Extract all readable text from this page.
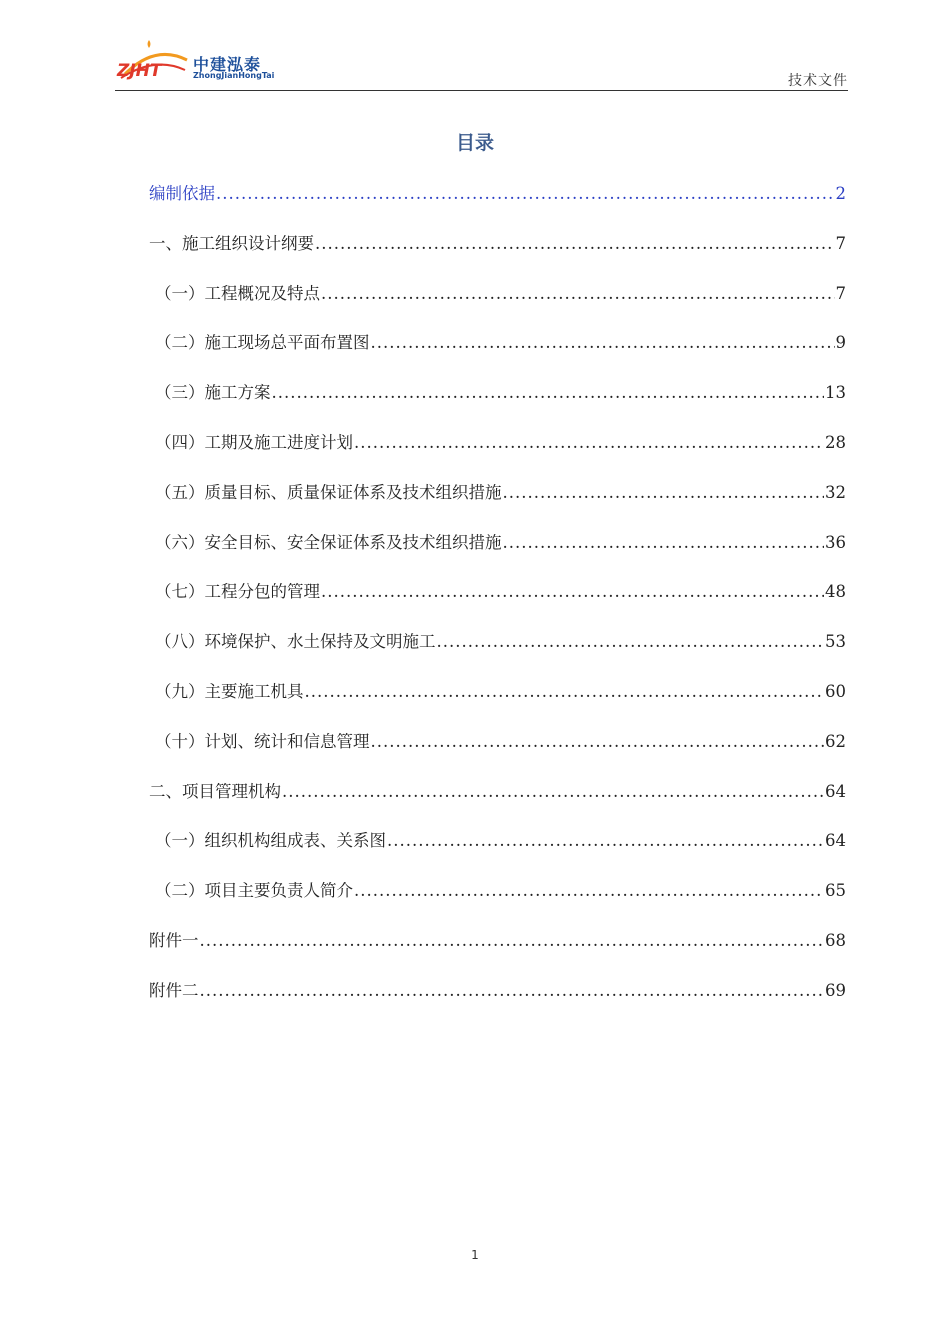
ZJHT 中建泓泰
ZhongJianHongTai	技术文件
目录
编制依据 .....	2
一、施工组织设计纲要 .....	7
（一）工程概况及特点 .....	7
（二）施工现场总平面布置图 .....	9
（三）施工方案 .....	13
（四）工期及施工进度计划 .....	28
（五）质量目标、质量保证体系及技术组织措施 .....	32
（六）安全目标、安全保证体系及技术组织措施 .....	36
（七）工程分包的管理 .....	48
（八）环境保护、水土保持及文明施工 .....	53
（九）主要施工机具 .....	60
（十）计划、统计和信息管理 .....	62
二、项目管理机构 .....	64
（一）组织机构组成表、关系图 .....	64
（二）项目主要负责人简介 .....	65
附件一 .....	68
附件二 .....	69
1
